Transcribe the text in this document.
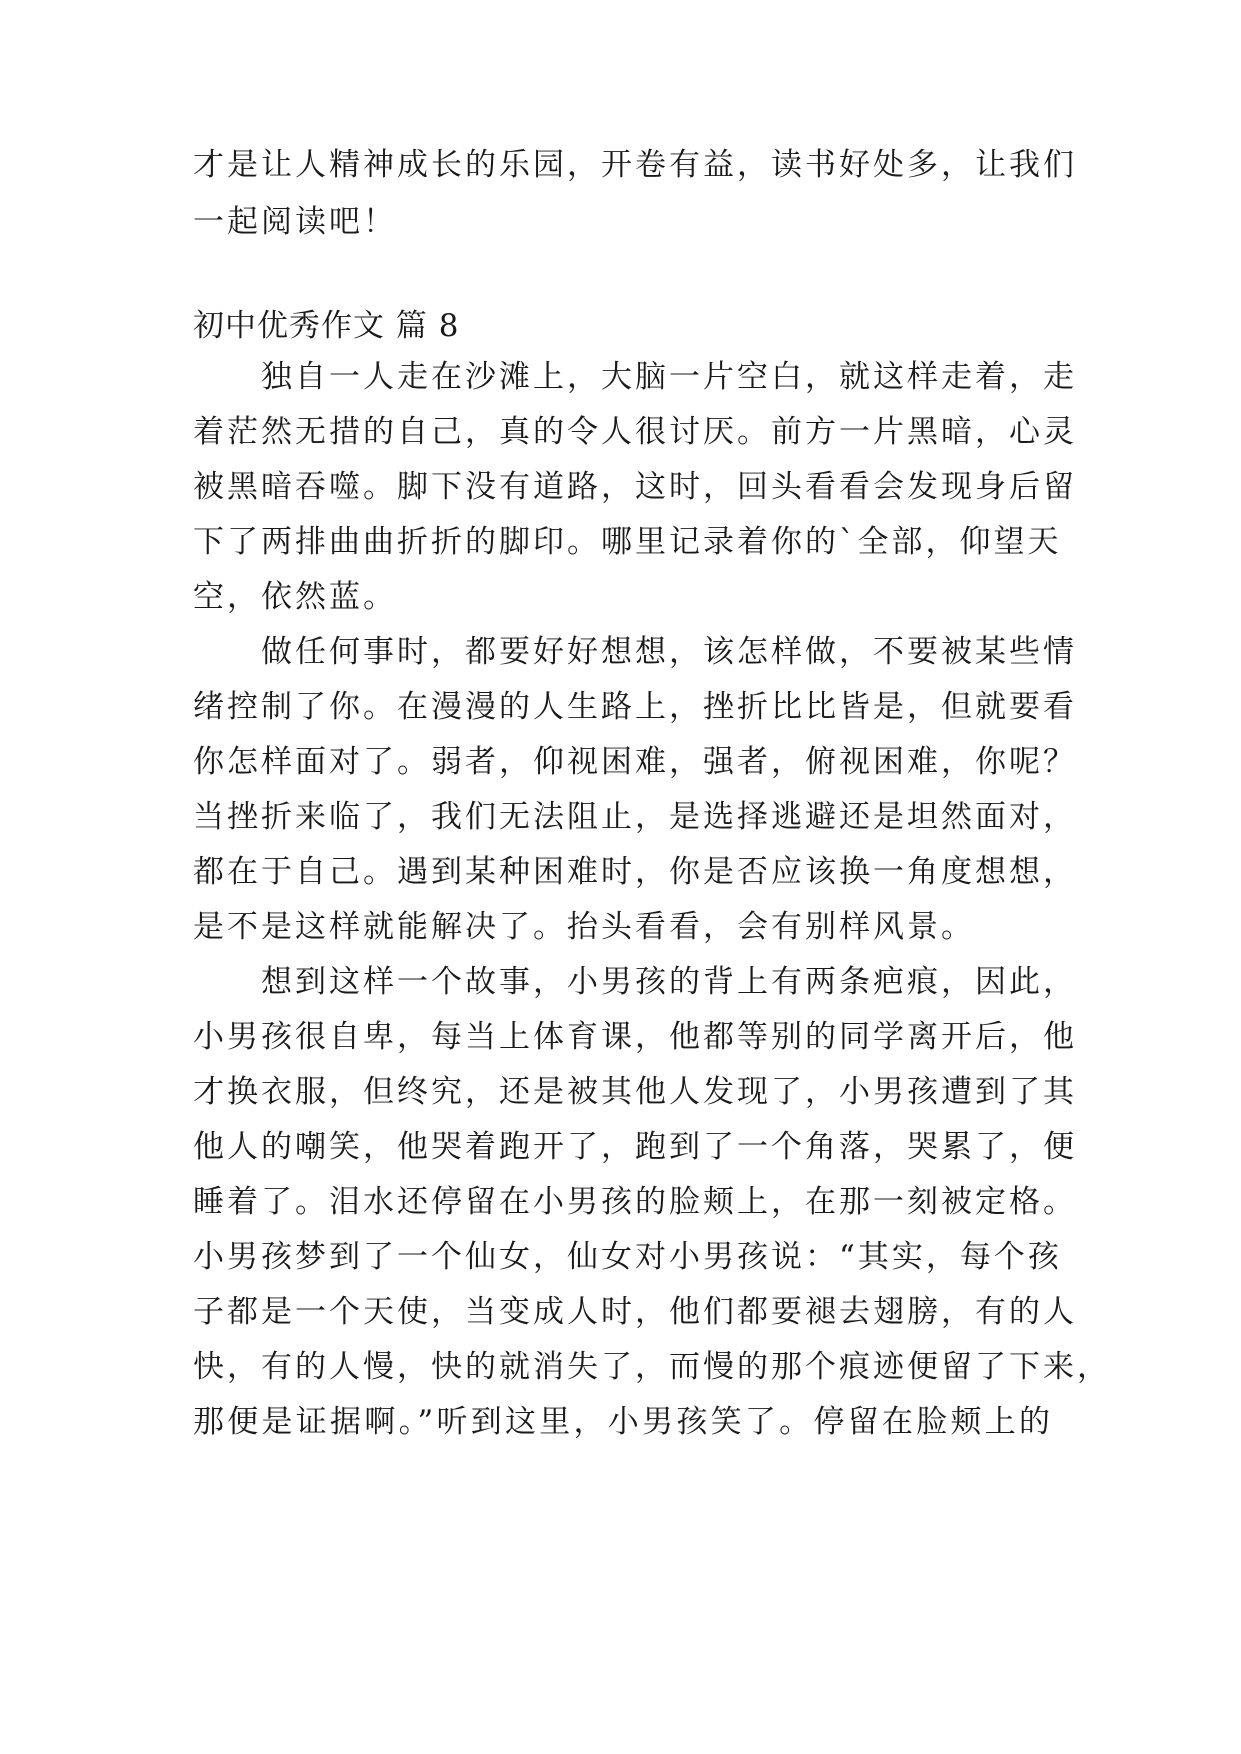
才是让人精神成长的乐园，开卷有益，读书好处多，让我们
一起阅读吧！
初中优秀作文 篇 8
　　独自一人走在沙滩上，大脑一片空白，就这样走着，走
着茫然无措的自己，真的令人很讨厌。前方一片黑暗，心灵
被黑暗吞噬。脚下没有道路，这时，回头看看会发现身后留
下了两排曲曲折折的脚印。哪里记录着你的`全部，仰望天
空，依然蓝。
　　做任何事时，都要好好想想，该怎样做，不要被某些情
绪控制了你。在漫漫的人生路上，挫折比比皆是，但就要看
你怎样面对了。弱者，仰视困难，强者，俯视困难，你呢？
当挫折来临了，我们无法阻止，是选择逃避还是坦然面对，
都在于自己。遇到某种困难时，你是否应该换一角度想想，
是不是这样就能解决了。抬头看看，会有别样风景。
　　想到这样一个故事，小男孩的背上有两条疤痕，因此，
小男孩很自卑，每当上体育课，他都等别的同学离开后，他
才换衣服，但终究，还是被其他人发现了，小男孩遭到了其
他人的嘲笑，他哭着跑开了，跑到了一个角落，哭累了，便
睡着了。泪水还停留在小男孩的脸颊上，在那一刻被定格。
小男孩梦到了一个仙女，仙女对小男孩说：“其实，每个孩
子都是一个天使，当变成人时，他们都要褪去翅膀，有的人
快，有的人慢，快的就消失了，而慢的那个痕迹便留了下来，
那便是证据啊。”听到这里，小男孩笑了。停留在脸颊上的
